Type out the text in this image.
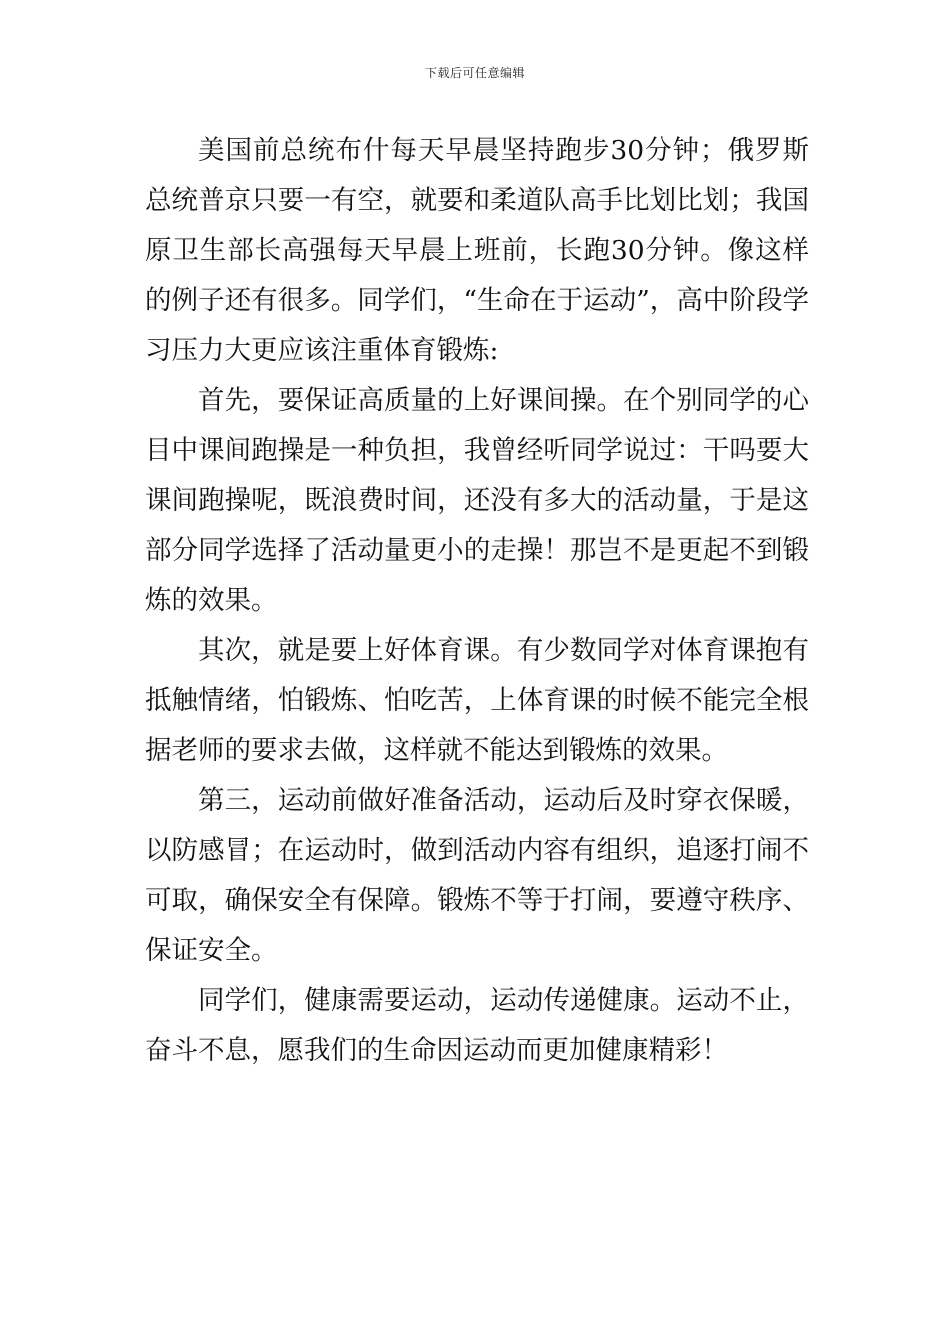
下载后可任意编辑

美国前总统布什每天早晨坚持跑步30分钟；俄罗斯总统普京只要一有空，就要和柔道队高手比划比划；我国原卫生部长高强每天早晨上班前，长跑30分钟。像这样的例子还有很多。同学们，“生命在于运动”，高中阶段学习压力大更应该注重体育锻炼:

首先，要保证高质量的上好课间操。在个别同学的心目中课间跑操是一种负担，我曾经听同学说过：干吗要大课间跑操呢，既浪费时间，还没有多大的活动量，于是这部分同学选择了活动量更小的走操！那岂不是更起不到锻炼的效果。

其次，就是要上好体育课。有少数同学对体育课抱有抵触情绪，怕锻炼、怕吃苦，上体育课的时候不能完全根据老师的要求去做，这样就不能达到锻炼的效果。

第三，运动前做好准备活动，运动后及时穿衣保暖，以防感冒；在运动时，做到活动内容有组织，追逐打闹不可取，确保安全有保障。锻炼不等于打闹，要遵守秩序、保证安全。

同学们，健康需要运动，运动传递健康。运动不止，奋斗不息，愿我们的生命因运动而更加健康精彩！
